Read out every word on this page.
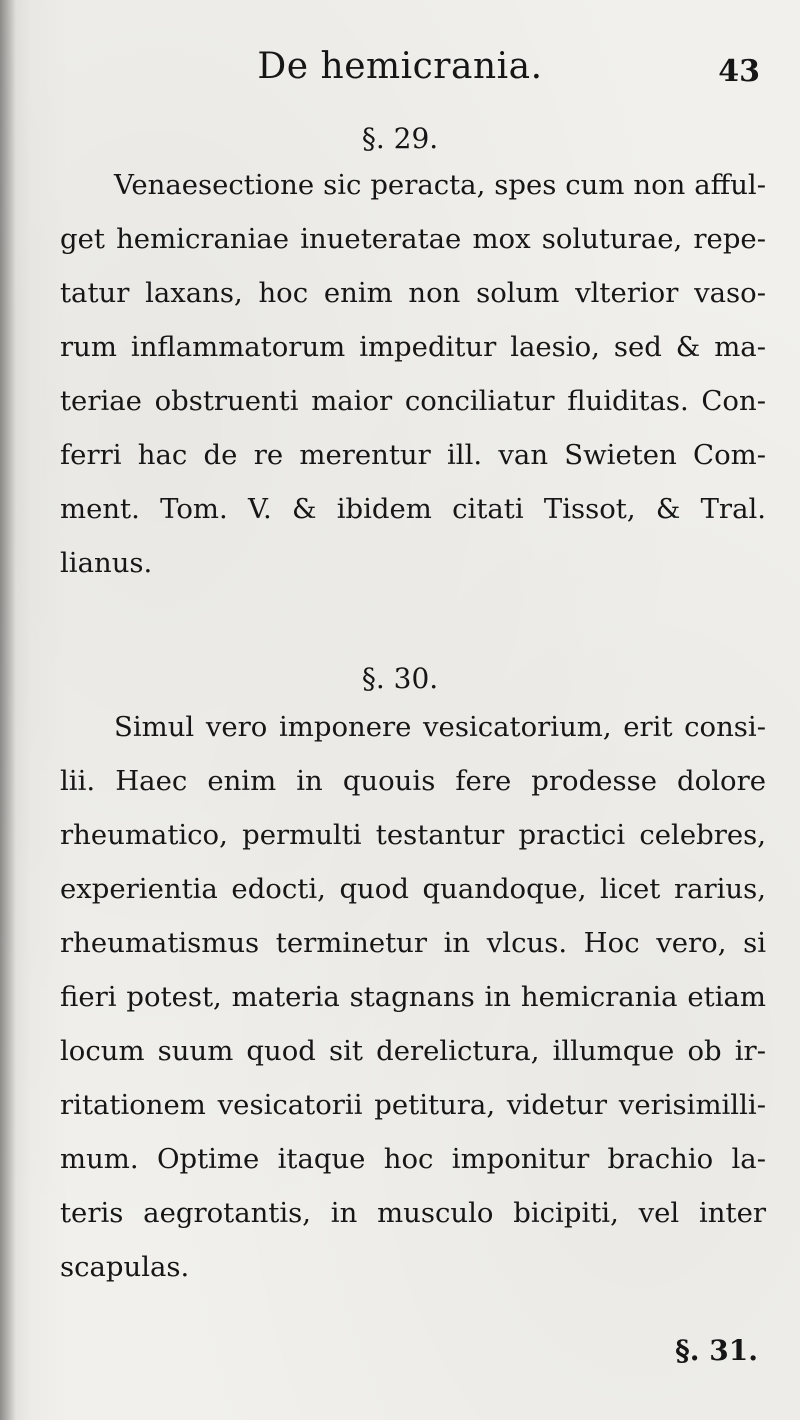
De hemicrania.	43
§. 29.
Venaesectione sic peracta, spes cum non afful-
get hemicraniae inueteratae mox soluturae, repe-
tatur laxans, hoc enim non solum vlterior vaso-
rum inflammatorum impeditur laesio, sed & ma-
teriae obstruenti maior conciliatur fluiditas. Con-
ferri hac de re merentur ill. van Swieten Com-
ment. Tom. V. & ibidem citati Tissot, & Tral.
lianus.
§. 30.
Simul vero imponere vesicatorium, erit consi-
lii. Haec enim in quouis fere prodesse dolore
rheumatico, permulti testantur practici celebres,
experientia edocti, quod quandoque, licet rarius,
rheumatismus terminetur in vlcus. Hoc vero, si
fieri potest, materia stagnans in hemicrania etiam
locum suum quod sit derelictura, illumque ob ir-
ritationem vesicatorii petitura, videtur verisimilli-
mum. Optime itaque hoc imponitur brachio la-
teris aegrotantis, in musculo bicipiti, vel inter
scapulas.
§. 31.
